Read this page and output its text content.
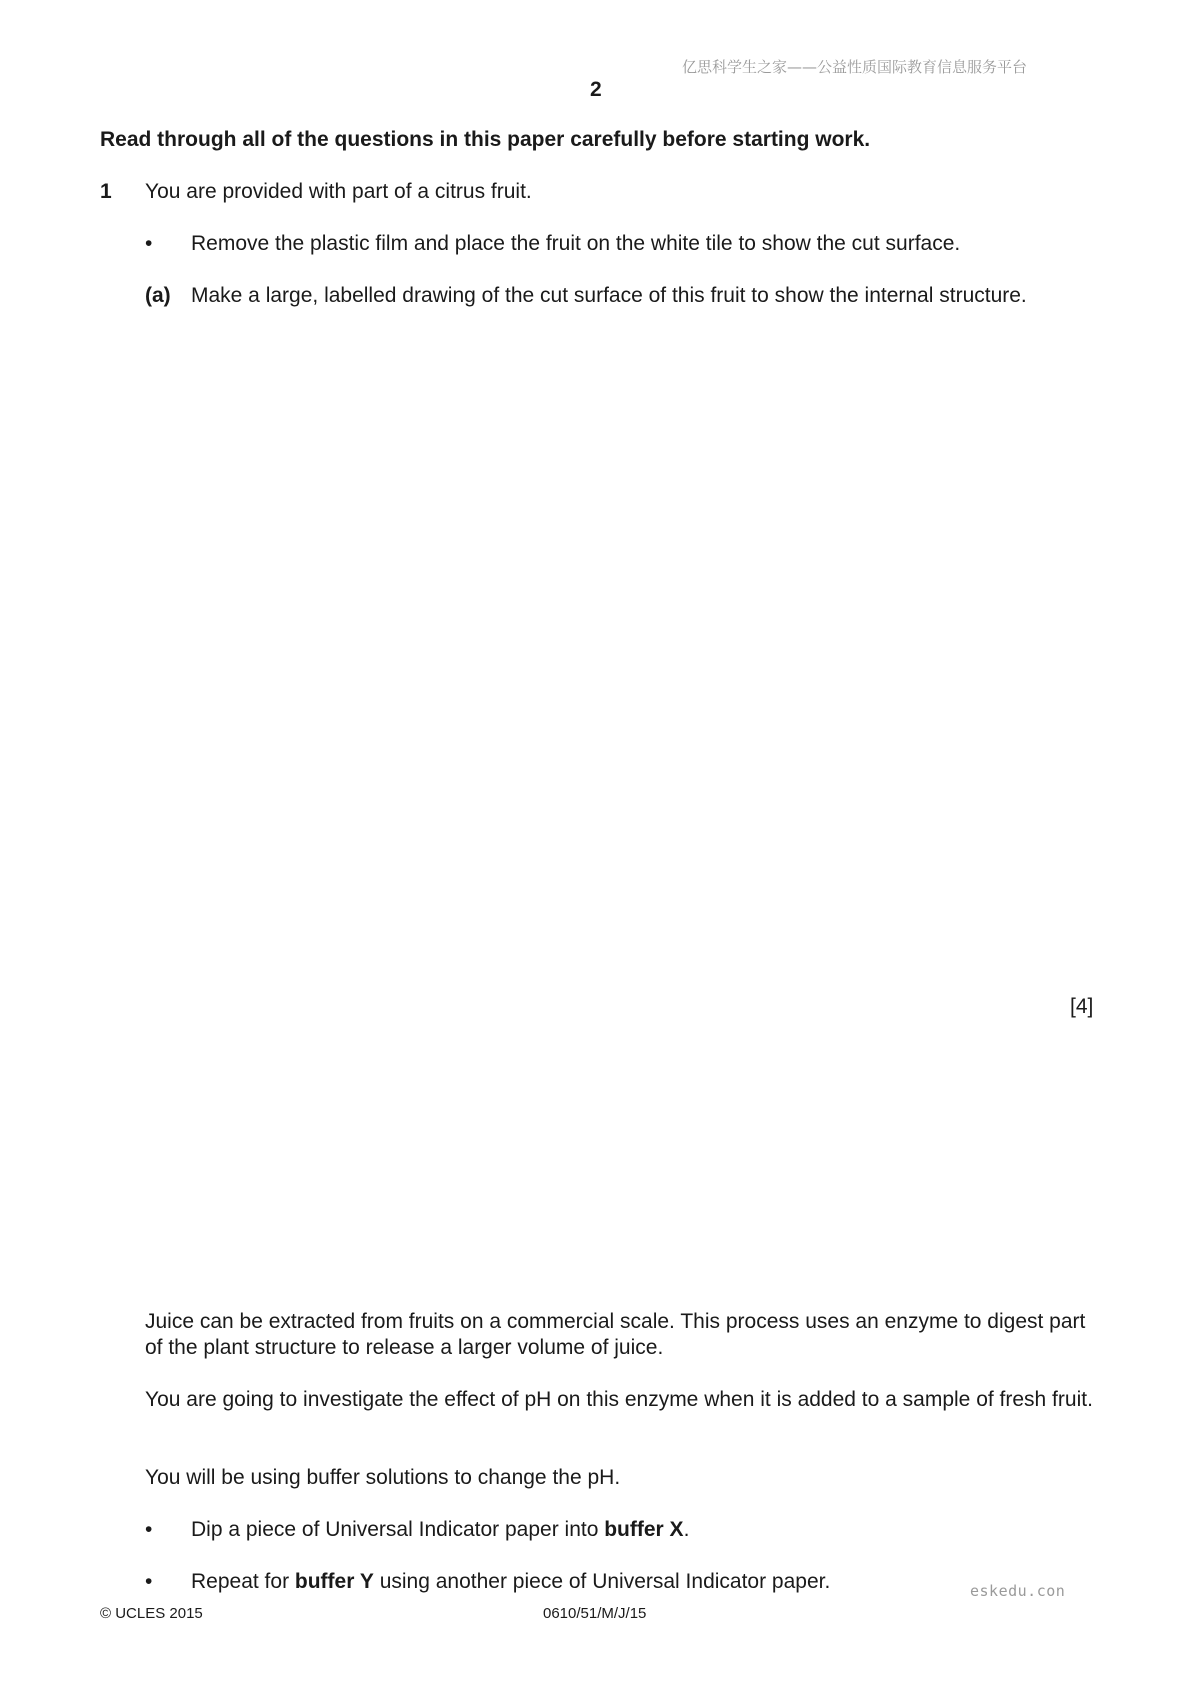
亿思科学生之家——公益性质国际教育信息服务平台
2
Read through all of the questions in this paper carefully before starting work.
1 You are provided with part of a citrus fruit.
• Remove the plastic film and place the fruit on the white tile to show the cut surface.
(a) Make a large, labelled drawing of the cut surface of this fruit to show the internal structure.
[4]

Juice can be extracted from fruits on a commercial scale. This process uses an enzyme to digest part of the plant structure to release a larger volume of juice.

You are going to investigate the effect of pH on this enzyme when it is added to a sample of fresh fruit.

You will be using buffer solutions to change the pH.

• Dip a piece of Universal Indicator paper into buffer X.
• Repeat for buffer Y using another piece of Universal Indicator paper.	eskedu.con
© UCLES 2015	0610/51/M/J/15
